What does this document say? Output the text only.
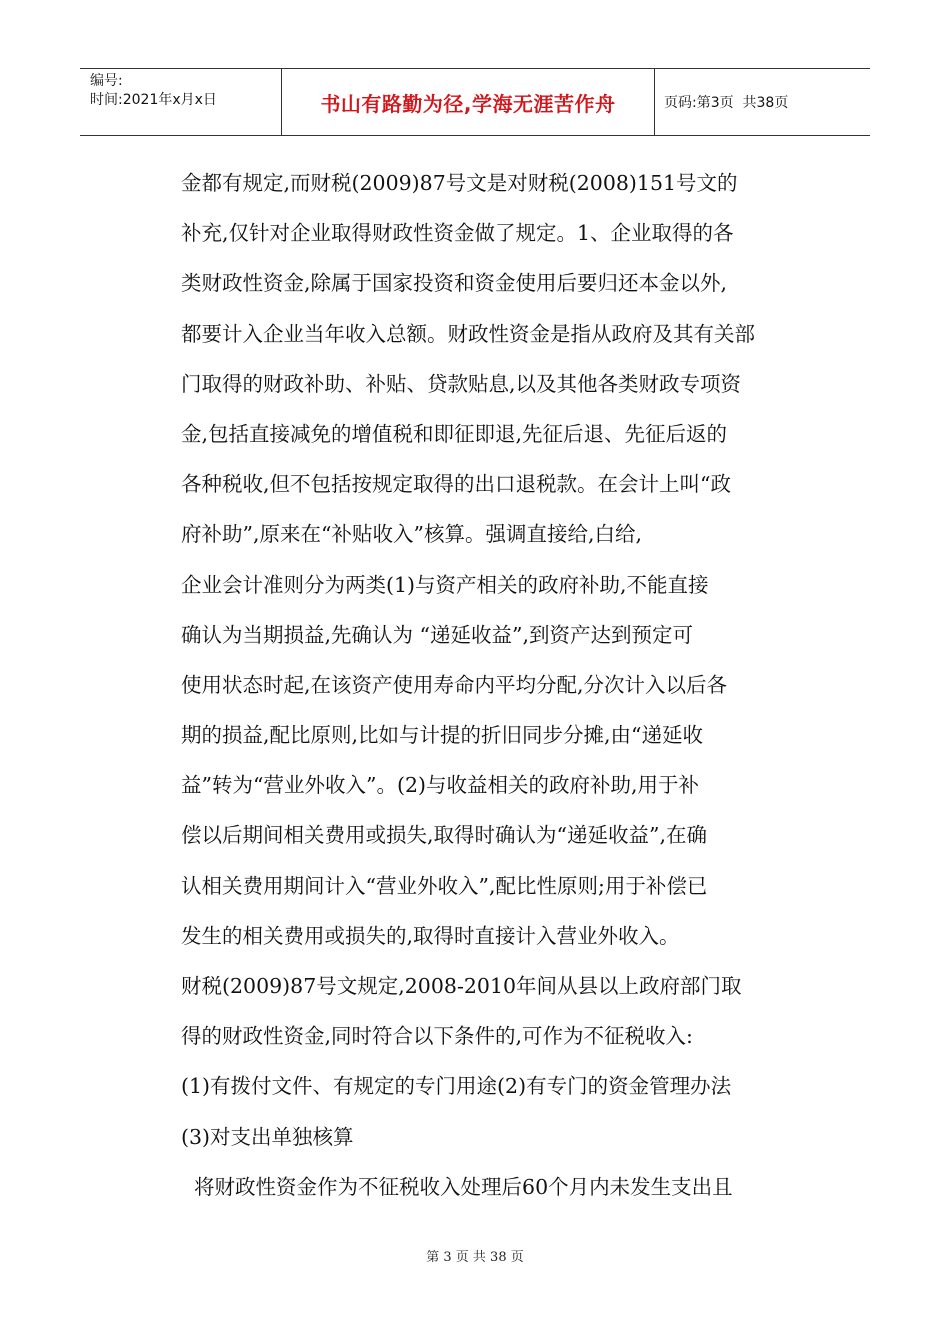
编号:
时间:2021年x月x日	书山有路勤为径,学海无涯苦作舟	页码:第3页  共38页
金都有规定,而财税(2009)87号文是对财税(2008)151号文的
补充,仅针对企业取得财政性资金做了规定。1、企业取得的各
类财政性资金,除属于国家投资和资金使用后要归还本金以外,
都要计入企业当年收入总额。财政性资金是指从政府及其有关部
门取得的财政补助、补贴、贷款贴息,以及其他各类财政专项资
金,包括直接减免的增值税和即征即退,先征后退、先征后返的
各种税收,但不包括按规定取得的出口退税款。在会计上叫“政
府补助”,原来在“补贴收入”核算。强调直接给,白给,
企业会计准则分为两类(1)与资产相关的政府补助,不能直接
确认为当期损益,先确认为 “递延收益”,到资产达到预定可
使用状态时起,在该资产使用寿命内平均分配,分次计入以后各
期的损益,配比原则,比如与计提的折旧同步分摊,由“递延收
益”转为“营业外收入”。(2)与收益相关的政府补助,用于补
偿以后期间相关费用或损失,取得时确认为“递延收益”,在确
认相关费用期间计入“营业外收入”,配比性原则;用于补偿已
发生的相关费用或损失的,取得时直接计入营业外收入。
财税(2009)87号文规定,2008-2010年间从县以上政府部门取
得的财政性资金,同时符合以下条件的,可作为不征税收入:
(1)有拨付文件、有规定的专门用途(2)有专门的资金管理办法
(3)对支出单独核算
将财政性资金作为不征税收入处理后60个月内未发生支出且
第 3 页 共 38 页
